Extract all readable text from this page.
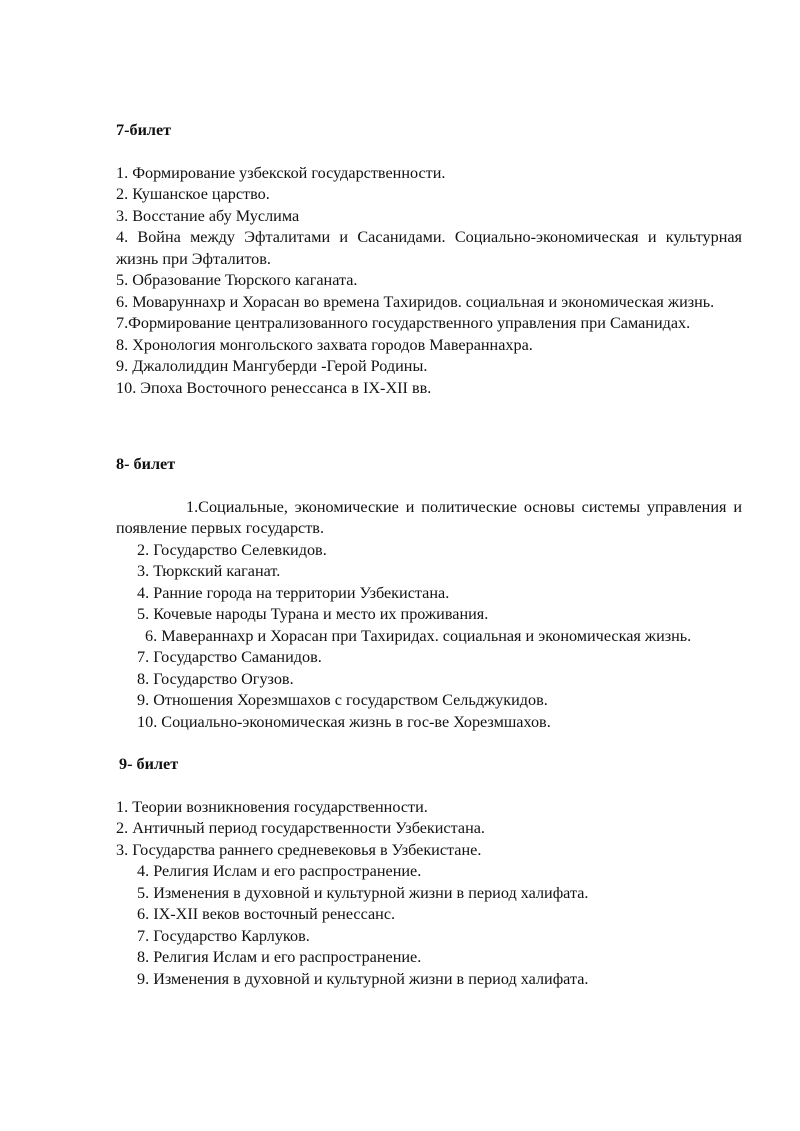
7-билет

1. Формирование узбекской государственности.
2. Кушанское царство.
3. Восстание абу Муслима
4. Война между Эфталитами и Сасанидами. Социально-экономическая и культурная жизнь при Эфталитов.
5. Образование Тюрского каганата.
6. Моваруннахр и Хорасан во времена Тахиридов. социальная и экономическая жизнь.
7.Формирование централизованного государственного управления при Саманидах.
8. Хронология монгольского захвата городов Мавераннахра.
9. Джалолиддин Мангуберди -Герой Родины.
10. Эпоха Восточного ренессанса в IX-XII вв.

8- билет

1.Социальные, экономические и политические основы системы управления и появление первых государств.
2. Государство Селевкидов.
3. Тюркский каганат.
4. Ранние города на территории Узбекистана.
5. Кочевые народы Турана и место их проживания.
6. Мавераннахр и Хорасан при Тахиридах. социальная и экономическая жизнь.
7. Государство Саманидов.
8. Государство Огузов.
9. Отношения Хорезмшахов с государством Сельджукидов.
10. Социально-экономическая жизнь в гос-ве Хорезмшахов.

9- билет

1. Теории возникновения государственности.
2. Античный период государственности Узбекистана.
3. Государства раннего средневековья в Узбекистане.
4. Религия Ислам и его распространение.
5. Изменения в духовной и культурной жизни в период халифата.
6. IX-XII веков восточный ренессанс.
7. Государство Карлуков.
8. Религия Ислам и его распространение.
9. Изменения в духовной и культурной жизни в период халифата.
